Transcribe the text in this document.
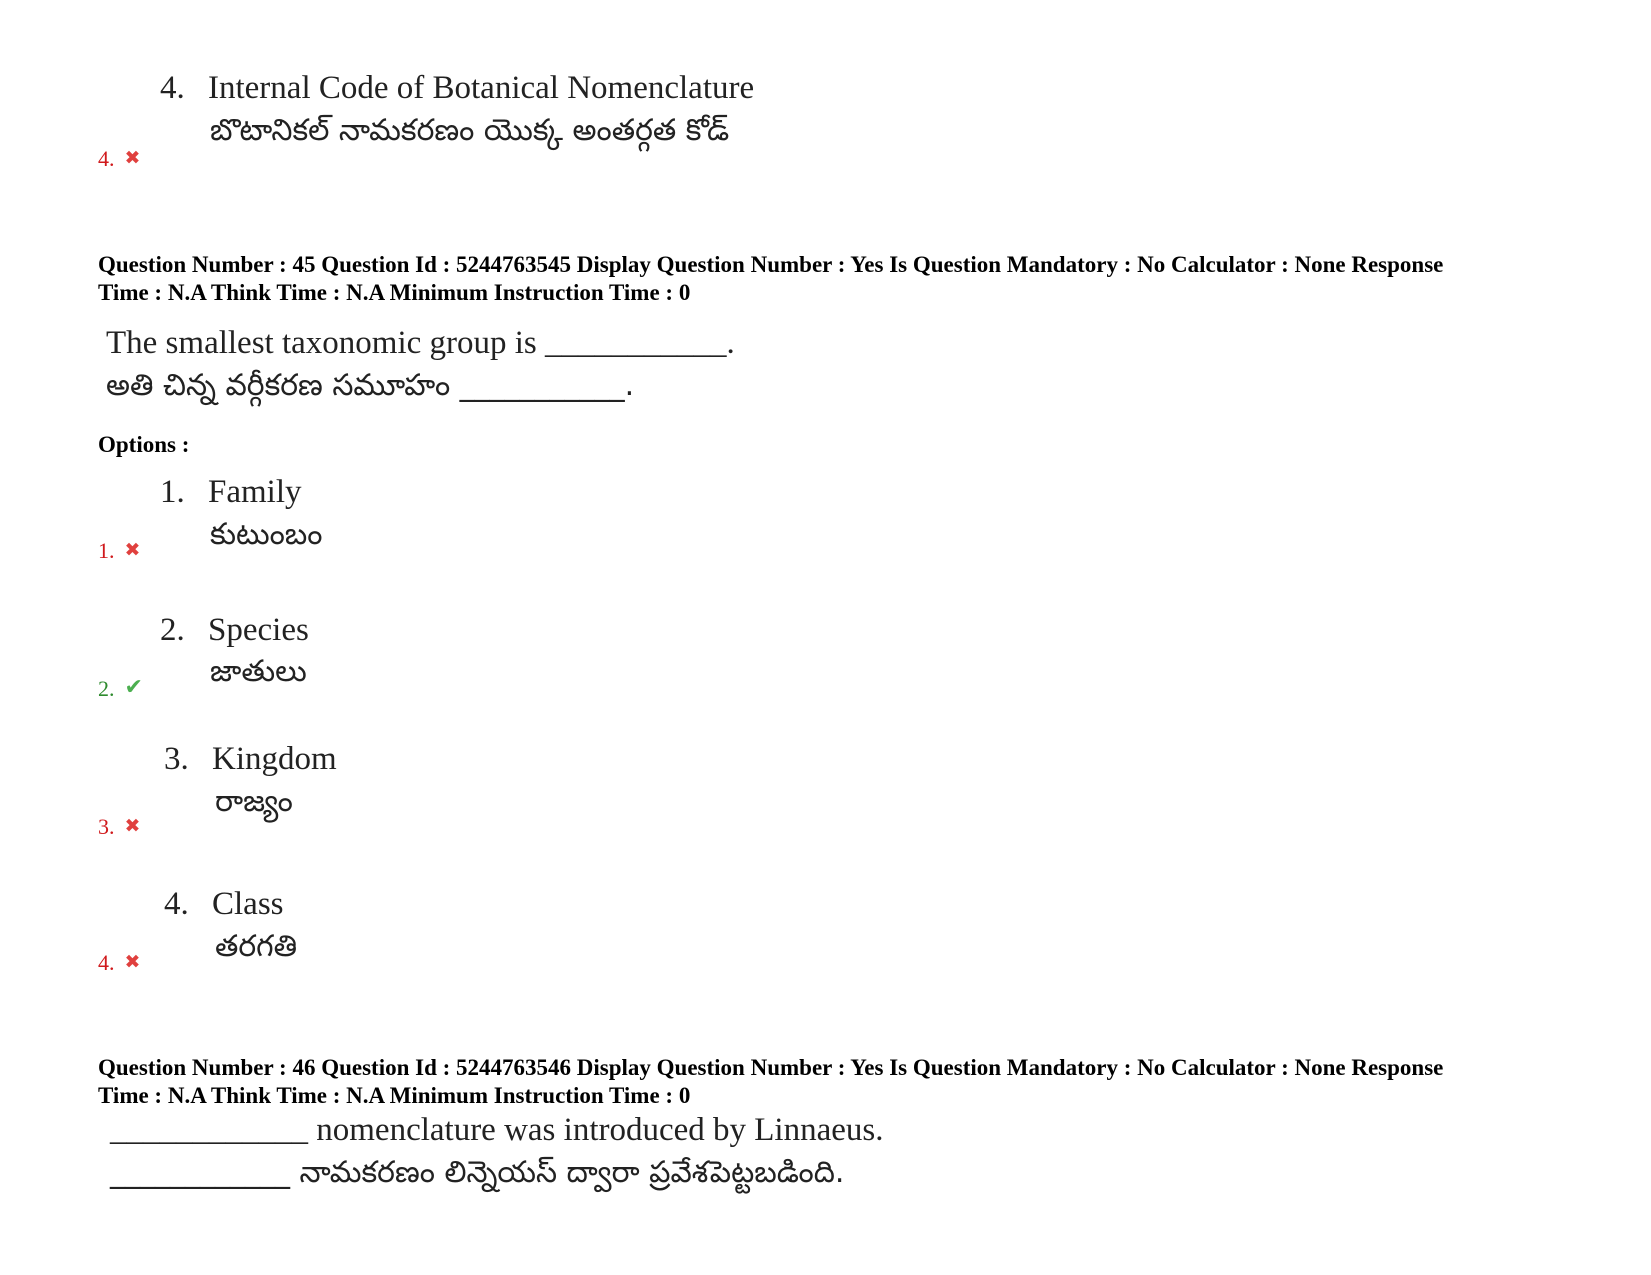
4. Internal Code of Botanical Nomenclature
బొటానికల్ నామకరణం యొక్క అంతర్గత కోడ్
4. ✖
Question Number : 45 Question Id : 5244763545 Display Question Number : Yes Is Question Mandatory : No Calculator : None Response
Time : N.A Think Time : N.A Minimum Instruction Time : 0
The smallest taxonomic group is ___________.
అతి చిన్న వర్గీకరణ సమూహం ___________.
Options :
1. Family
కుటుంబం
1. ✖
2. Species
జాతులు
2. ✔
3. Kingdom
రాజ్యం
3. ✖
4. Class
తరగతి
4. ✖
Question Number : 46 Question Id : 5244763546 Display Question Number : Yes Is Question Mandatory : No Calculator : None Response
Time : N.A Think Time : N.A Minimum Instruction Time : 0
____________ nomenclature was introduced by Linnaeus.
____________ నామకరణం లిన్నెయస్ ద్వారా ప్రవేశపెట్టబడింది.
